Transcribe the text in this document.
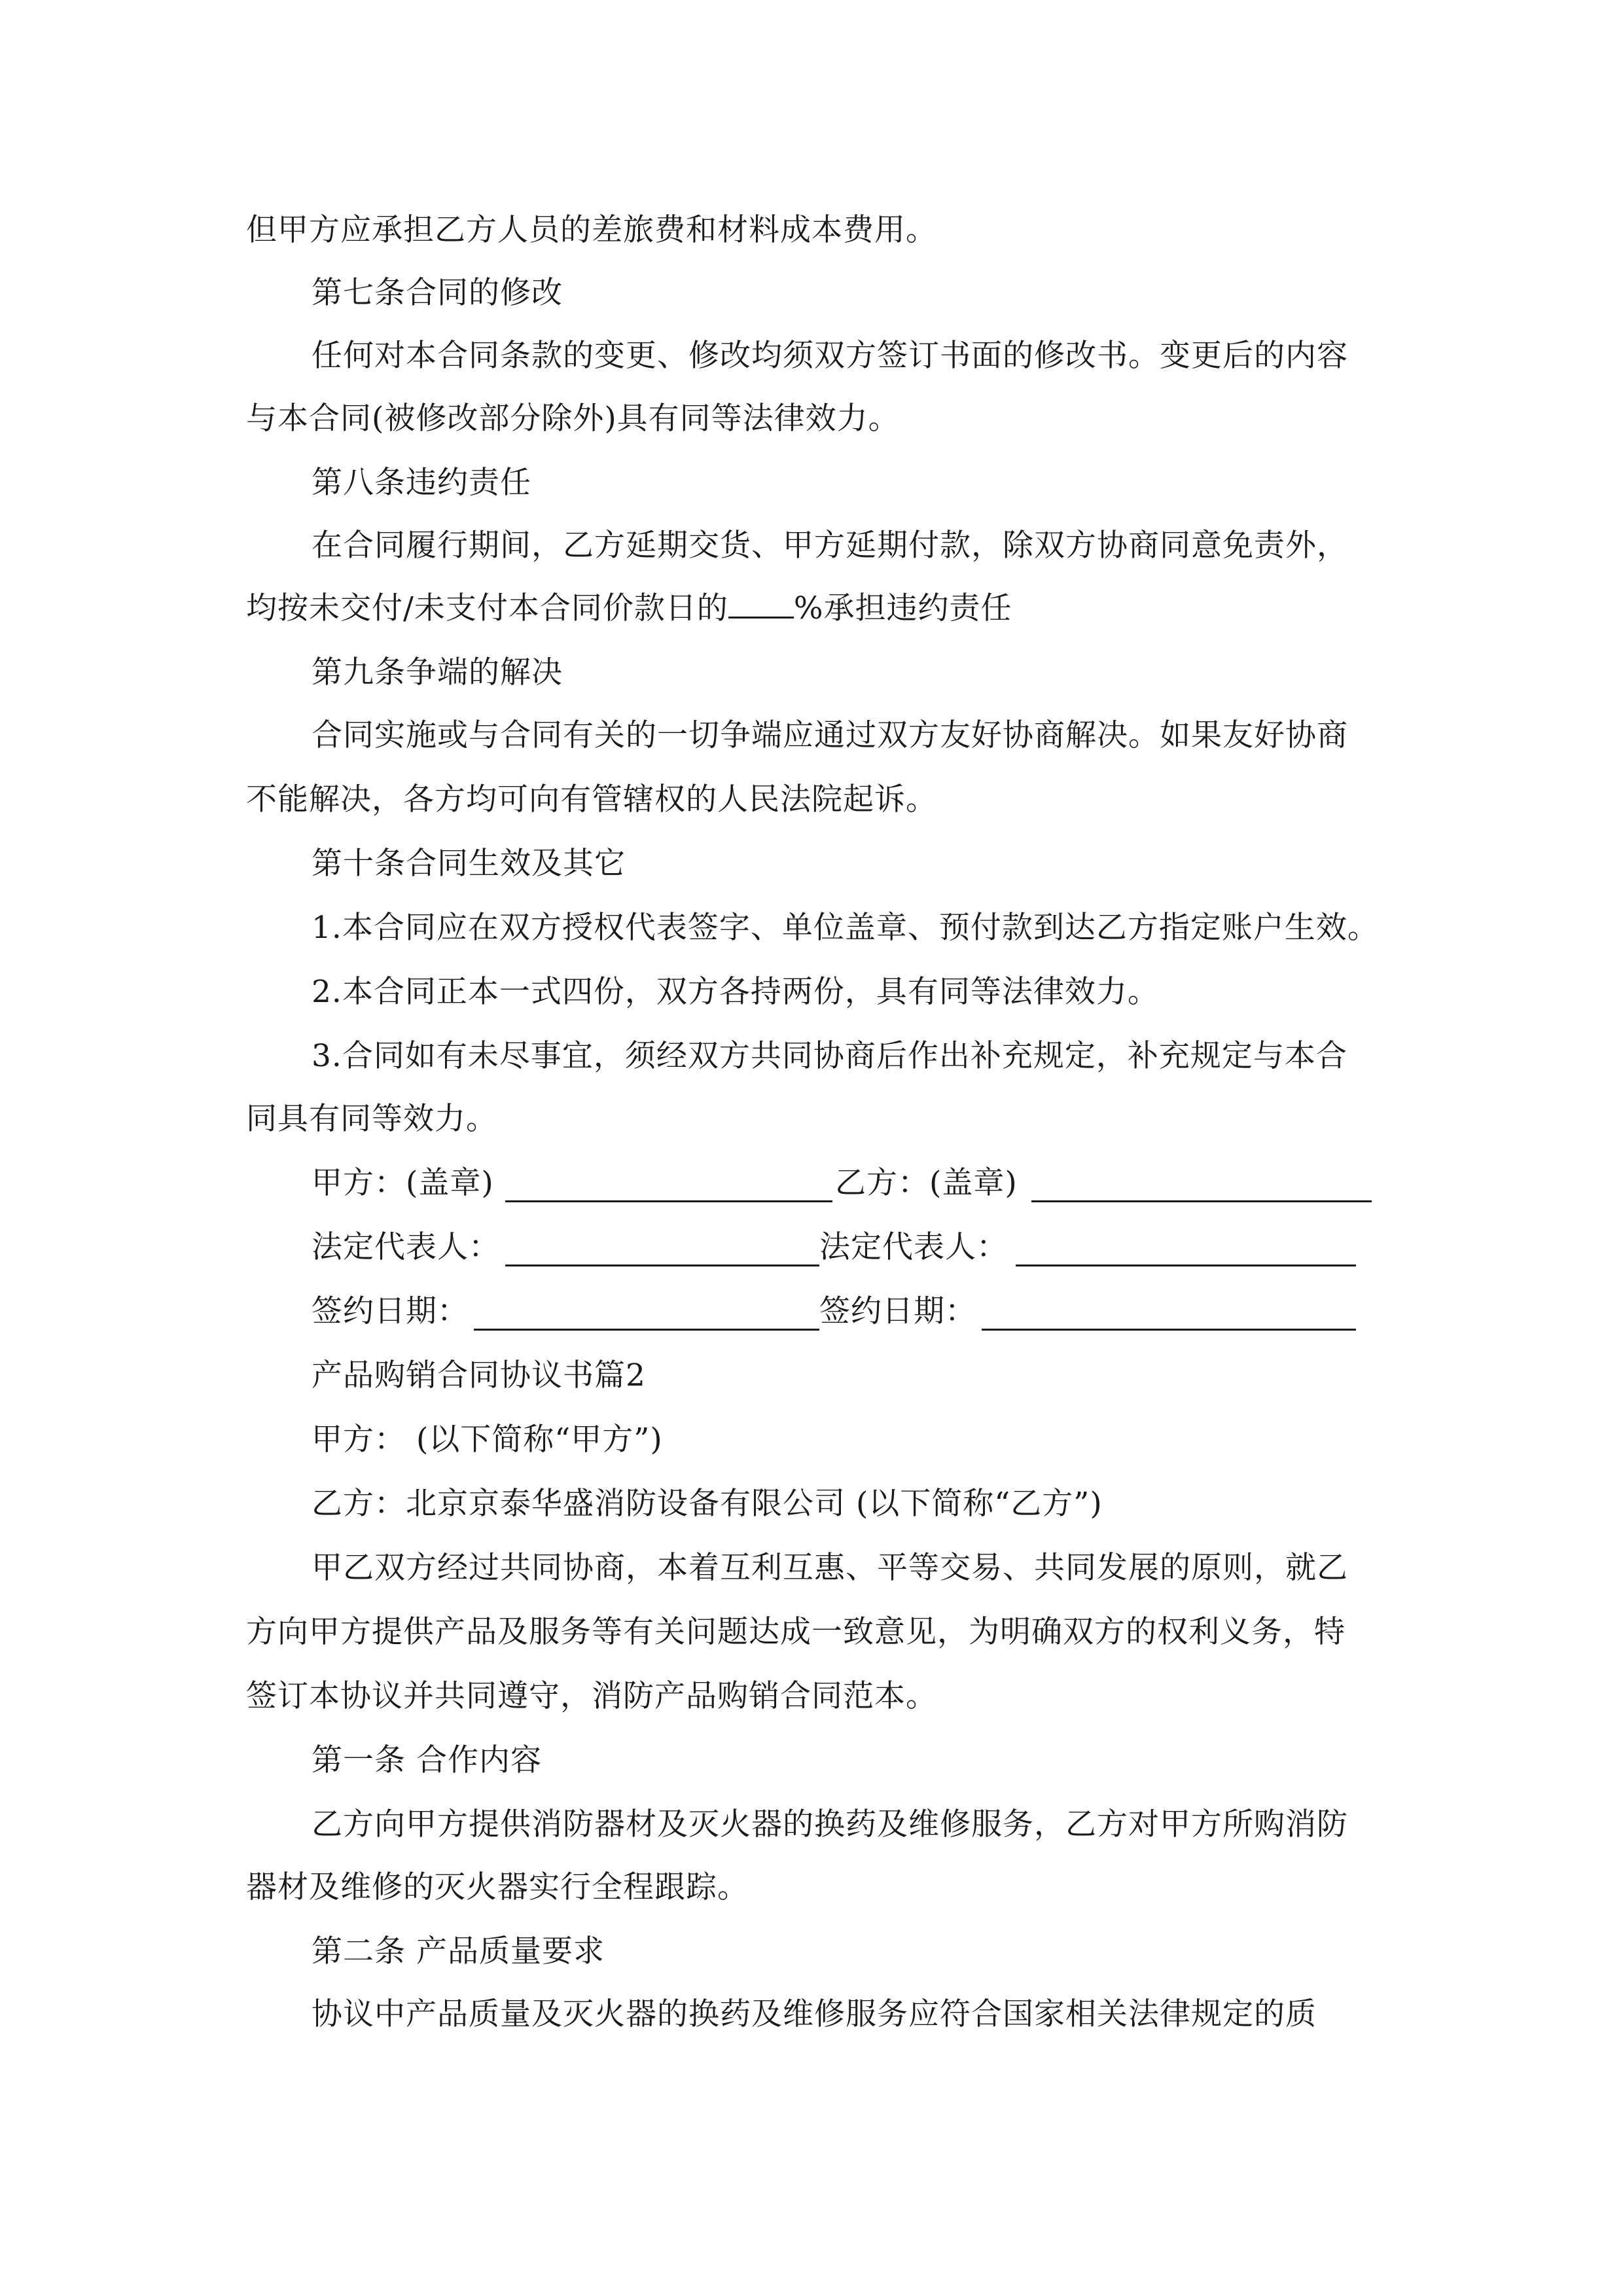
但甲方应承担乙方人员的差旅费和材料成本费用。
第七条合同的修改
任何对本合同条款的变更、修改均须双方签订书面的修改书。变更后的内容
与本合同(被修改部分除外)具有同等法律效力。
第八条违约责任
在合同履行期间，乙方延期交货、甲方延期付款，除双方协商同意免责外，
均按未交付/未支付本合同价款日的 %承担违约责任
第九条争端的解决
合同实施或与合同有关的一切争端应通过双方友好协商解决。如果友好协商
不能解决，各方均可向有管辖权的人民法院起诉。
第十条合同生效及其它
1.本合同应在双方授权代表签字、单位盖章、预付款到达乙方指定账户生效。
2.本合同正本一式四份，双方各持两份，具有同等法律效力。
3.合同如有未尽事宜，须经双方共同协商后作出补充规定，补充规定与本合
同具有同等效力。
甲方：(盖章)	乙方：(盖章)
法定代表人：	法定代表人：
签约日期：	签约日期：
产品购销合同协议书篇2
甲方： (以下简称“甲方”)
乙方：北京京泰华盛消防设备有限公司 (以下简称“乙方”)
甲乙双方经过共同协商，本着互利互惠、平等交易、共同发展的原则，就乙
方向甲方提供产品及服务等有关问题达成一致意见，为明确双方的权利义务，特
签订本协议并共同遵守，消防产品购销合同范本。
第一条 合作内容
乙方向甲方提供消防器材及灭火器的换药及维修服务，乙方对甲方所购消防
器材及维修的灭火器实行全程跟踪。
第二条 产品质量要求
协议中产品质量及灭火器的换药及维修服务应符合国家相关法律规定的质
